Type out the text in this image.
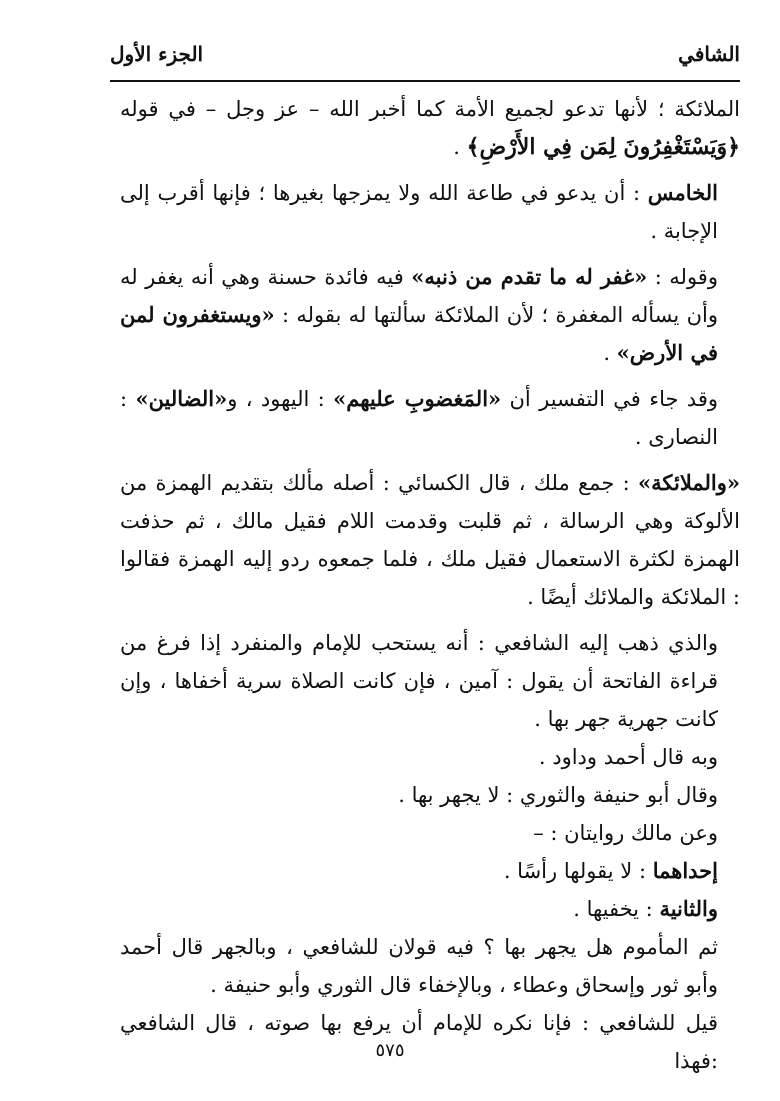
الشافي
الجزء الأول

الملائكة ؛ لأنها تدعو لجميع الأمة كما أخبر الله – عز وجل – في قوله ﴿وَيَسْتَغْفِرُونَ لِمَن فِي الأَرْضِ﴾ .

الخامس : أن يدعو في طاعة الله ولا يمزجها بغيرها ؛ فإنها أقرب إلى الإجابة .

وقوله : «غفر له ما تقدم من ذنبه» فيه فائدة حسنة وهي أنه يغفر له وأن يسأله المغفرة ؛ لأن الملائكة سألتها له بقوله : «ويستغفرون لمن في الأرض» .

وقد جاء في التفسير أن «المَغضوبِ عليهم» : اليهود ، و«الضالين» : النصارى .

«والملائكة» : جمع ملك ، قال الكسائي : أصله مألك بتقديم الهمزة من الألوكة وهي الرسالة ، ثم قلبت وقدمت اللام فقيل مالك ، ثم حذفت الهمزة لكثرة الاستعمال فقيل ملك ، فلما جمعوه ردو إليه الهمزة فقالوا : الملائكة والملائك أيضًا .

والذي ذهب إليه الشافعي : أنه يستحب للإمام والمنفرد إذا فرغ من قراءة الفاتحة أن يقول : آمين ، فإن كانت الصلاة سرية أخفاها ، وإن كانت جهرية جهر بها .

وبه قال أحمد وداود .

وقال أبو حنيفة والثوري : لا يجهر بها .

وعن مالك روايتان : –

إحداهما : لا يقولها رأسًا .

والثانية : يخفيها .

ثم المأموم هل يجهر بها ؟ فيه قولان للشافعي ، وبالجهر قال أحمد وأبو ثور وإسحاق وعطاء ، وبالإخفاء قال الثوري وأبو حنيفة .

قيل للشافعي : فإنا نكره للإمام أن يرفع بها صوته ، قال الشافعي :فهذا

٥٧٥
